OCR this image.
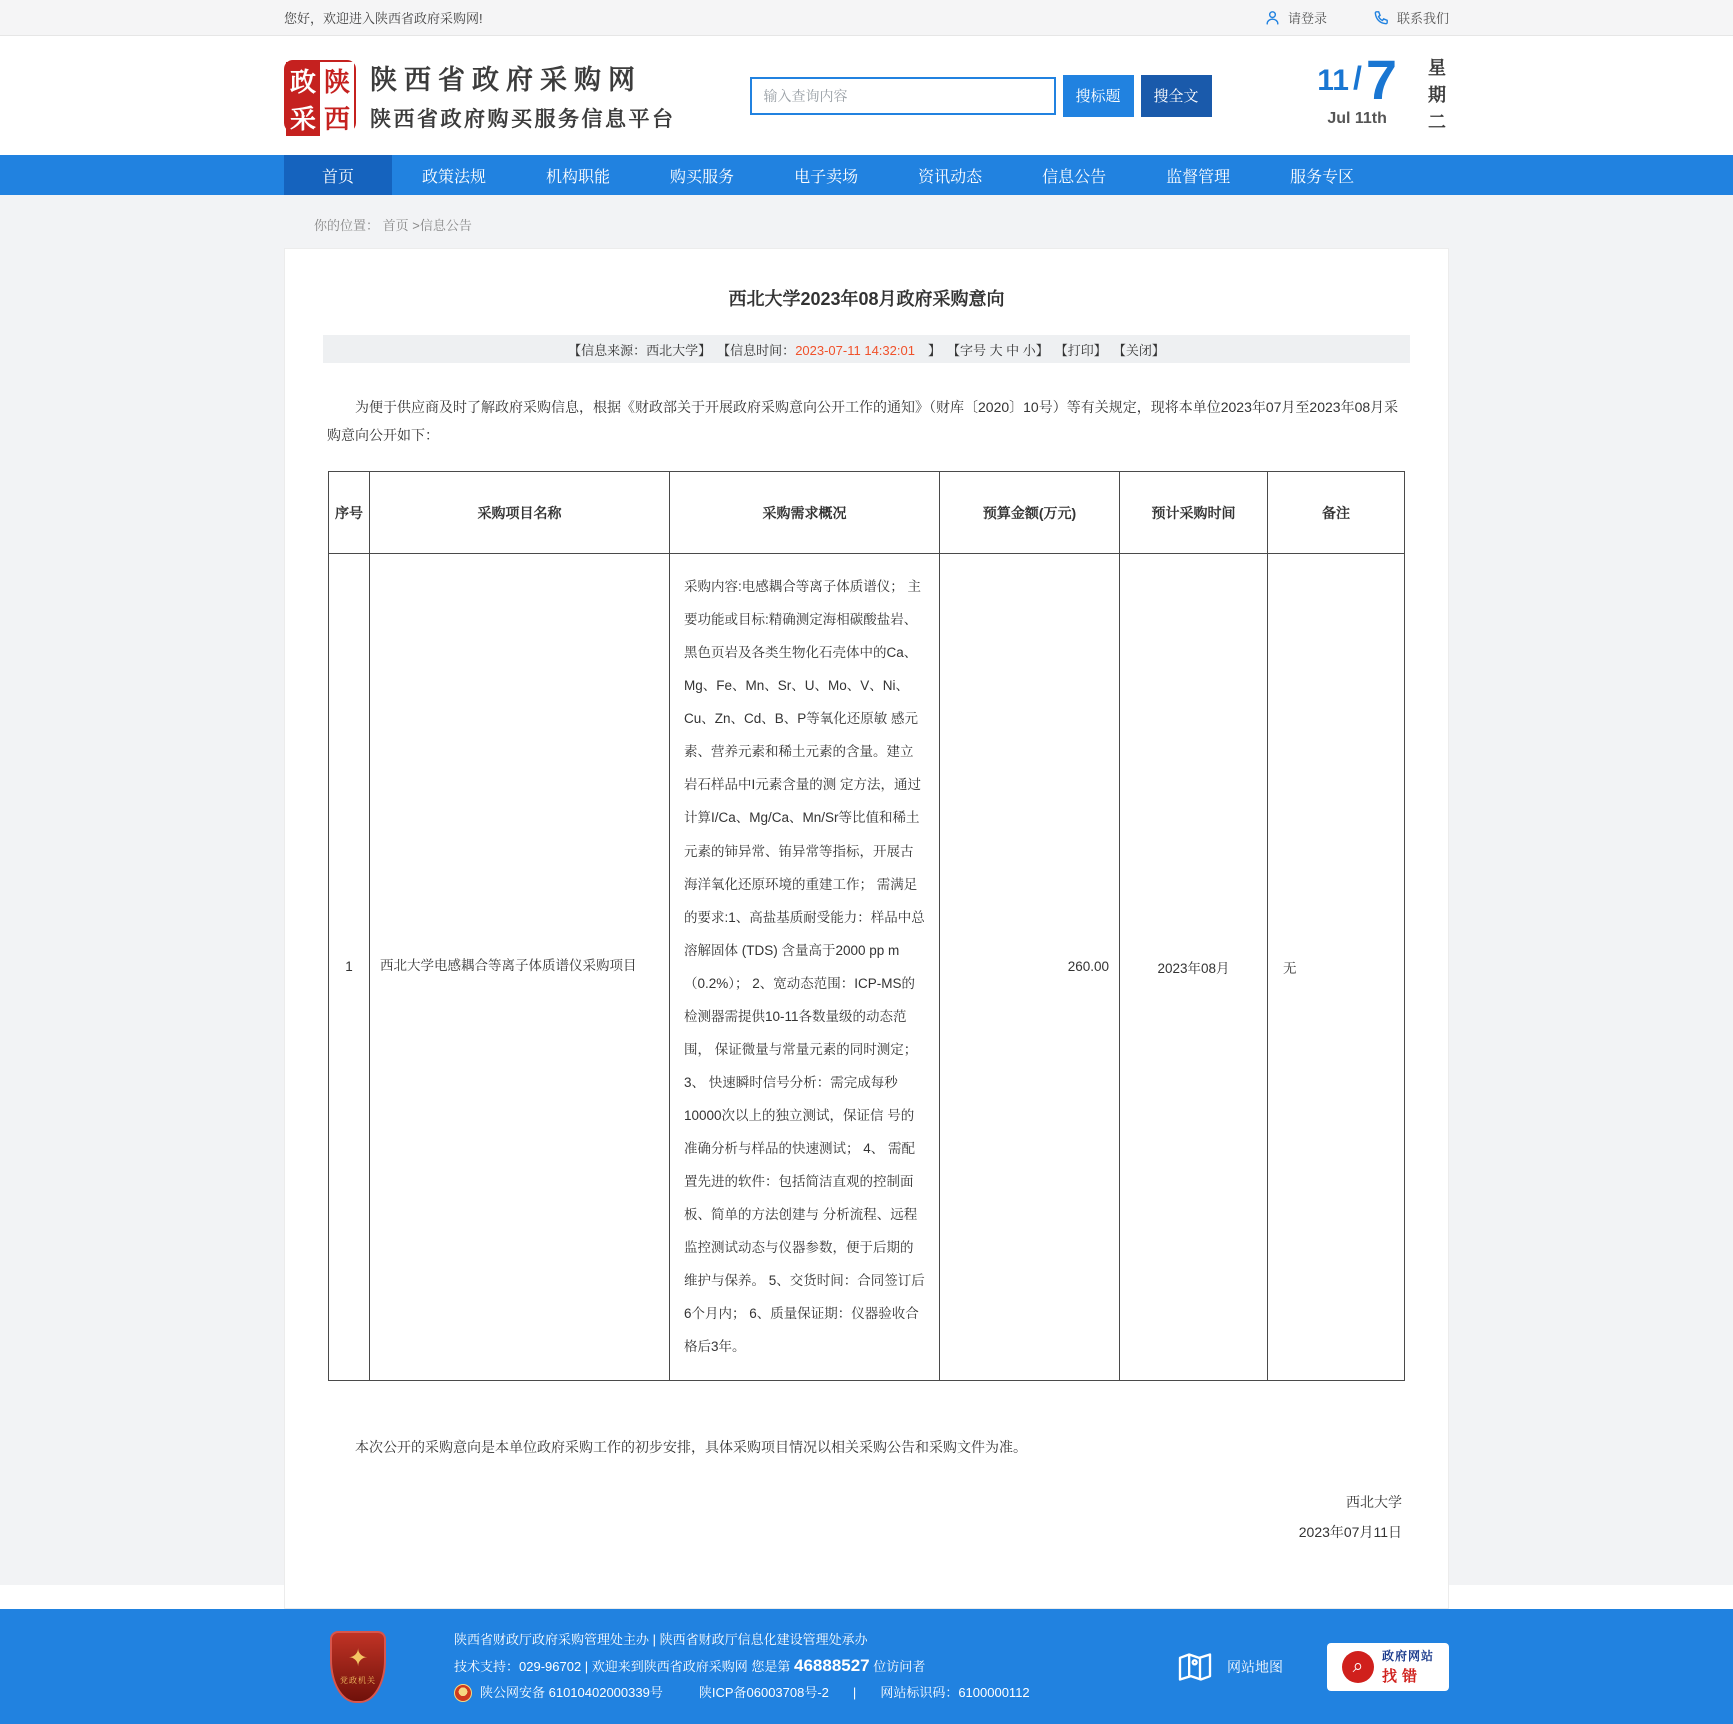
您好，欢迎进入陕西省政府采购网!	请登录	联系我们
政
采
陕
西
陕西省政府采购网
陕西省政府购买服务信息平台
输入查询内容
搜标题	搜全文	11 / 7
Jul 11th	星期二
首页	政策法规	机构职能	购买服务	电子卖场	资讯动态	信息公告	监督管理	服务专区
你的位置： 首页 >信息公告
西北大学2023年08月政府采购意向
【信息来源：西北大学】 【信息时间：2023-07-11 14:32:01　】 【字号 大 中 小】 【打印】 【关闭】

为便于供应商及时了解政府采购信息，根据《财政部关于开展政府采购意向公开工作的通知》（财库〔2020〕10号）等有关规定，现将本单位2023年07月至2023年08月采购意向公开如下：

序号	采购项目名称	采购需求概况	预算金额(万元)	预计采购时间	备注
1	西北大学电感耦合等离子体质谱仪采购项目	采购内容:电感耦合等离子体质谱仪； 主要功能或目标:精确测定海相碳酸盐岩、黑色页岩及各类生物化石壳体中的Ca、Mg、Fe、Mn、Sr、U、Mo、V、Ni、Cu、Zn、Cd、B、P等氧化还原敏 感元素、营养元素和稀土元素的含量。建立岩石样品中I元素含量的测 定方法，通过计算I/Ca、Mg/Ca、Mn/Sr等比值和稀土元素的铈异常、铕异常等指标，开展古海洋氧化还原环境的重建工作； 需满足的要求:1、高盐基质耐受能力：样品中总溶解固体 (TDS) 含量高于2000 pp m （0.2%）； 2、宽动态范围：ICP-MS的检测器需提供10-11各数量级的动态范围， 保证微量与常量元素的同时测定； 3、 快速瞬时信号分析：需完成每秒10000次以上的独立测试，保证信 号的准确分析与样品的快速测试； 4、 需配置先进的软件：包括简洁直观的控制面板、简单的方法创建与 分析流程、远程监控测试动态与仪器参数，便于后期的维护与保养。 5、交货时间：合同签订后6个月内； 6、质量保证期：仪器验收合格后3年。	260.00	2023年08月	无

本次公开的采购意向是本单位政府采购工作的初步安排，具体采购项目情况以相关采购公告和采购文件为准。

西北大学
2023年07月11日
✦
党政机关
陕西省财政厅政府采购管理处主办 | 陕西省财政厅信息化建设管理处承办
技术支持：029-96702 | 欢迎来到陕西省政府采购网 您是第 46888527 位访问者
★ 陕公网安备 61010402000339号	陕ICP备06003708号-2 | 网站标识码：6100000112
网站地图	⌕	政府网站
找错
